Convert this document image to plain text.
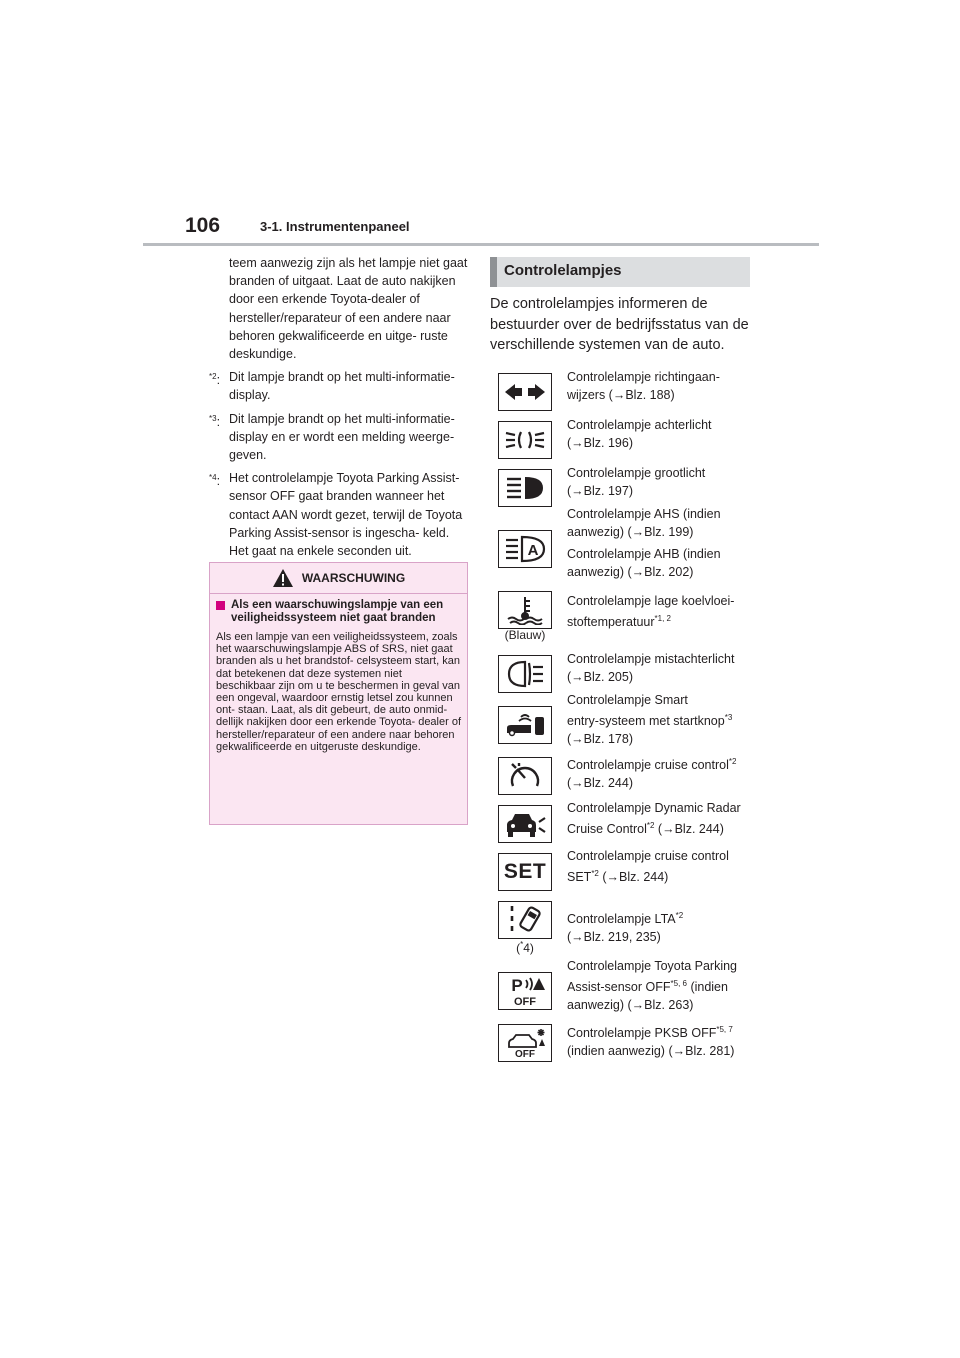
106	3-1. Instrumentenpaneel

teem aanwezig zijn als het lampje niet gaat branden of uitgaat. Laat de auto nakijken door een erkende Toyota-dealer of hersteller/reparateur of een andere naar behoren gekwalificeerde en uitge- ruste deskundige.

$^{*2}$: Dit lampje brandt op het multi-informatie- display.
$^{*3}$: Dit lampje brandt op het multi-informatie- display en er wordt een melding weerge- geven.
$^{*4}$: Het controlelampje Toyota Parking Assist- sensor OFF gaat branden wanneer het contact AAN wordt gezet, terwijl de Toyota Parking Assist-sensor is ingescha- keld. Het gaat na enkele seconden uit.
WAARSCHUWING
Als een waarschuwingslampje van een veiligheidssysteem niet gaat branden
Als een lampje van een veiligheidssysteem, zoals het waarschuwingslampje ABS of SRS, niet gaat branden als u het brandstof- celsysteem start, kan dat betekenen dat deze systemen niet beschikbaar zijn om u te beschermen in geval van een ongeval, waardoor ernstig letsel zou kunnen ont- staan. Laat, als dit gebeurt, de auto onmid- dellijk nakijken door een erkende Toyota- dealer of hersteller/reparateur of een andere naar behoren gekwalificeerde en uitgeruste deskundige.
Controlelampjes
De controlelampjes informeren de bestuurder over de bedrijfsstatus van de verschillende systemen van de auto.
Controlelampje richtingaan-
wijzers (→Blz. 188)
Controlelampje achterlicht
(→Blz. 196)
Controlelampje grootlicht
(→Blz. 197)
A
Controlelampje AHS (indien
aanwezig) (→Blz. 199)
Controlelampje AHB (indien
aanwezig) (→Blz. 202)
(Blauw)
Controlelampje lage koelvloei-
stoftemperatuur$^{*1, 2}$
Controlelampje mistachterlicht
(→Blz. 205)
Controlelampje Smart
entry-systeem met startknop$^{*3}$
(→Blz. 178)
Controlelampje cruise control$^{*2}$
(→Blz. 244)
Controlelampje Dynamic Radar
Cruise Control$^{*2}$ (→Blz. 244)
SET
Controlelampje cruise control
SET$^{*2}$ (→Blz. 244)
(*4)
Controlelampje LTA$^{*2}$
(→Blz. 219, 235)
P
OFF
Controlelampje Toyota Parking
Assist-sensor OFF$^{*5, 6}$ (indien
aanwezig) (→Blz. 263)
OFF
Controlelampje PKSB OFF$^{*5, 7}$
(indien aanwezig) (→Blz. 281)
